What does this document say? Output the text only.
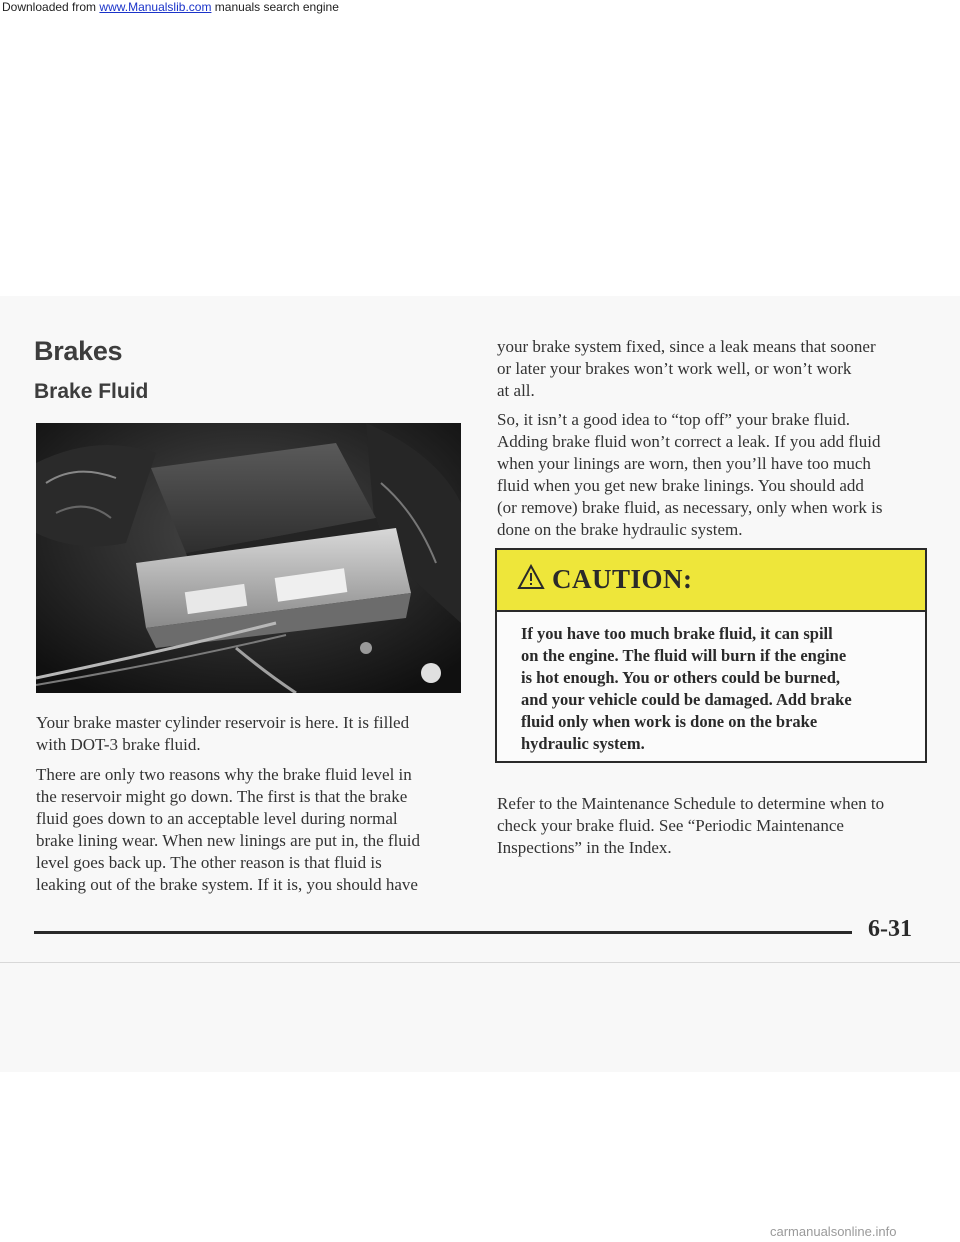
Downloaded from www.Manualslib.com manuals search engine
Brakes
Brake Fluid

Your brake master cylinder reservoir is here. It is filled
with DOT-3 brake fluid.

There are only two reasons why the brake fluid level in
the reservoir might go down. The first is that the brake
fluid goes down to an acceptable level during normal
brake lining wear. When new linings are put in, the fluid
level goes back up. The other reason is that fluid is
leaking out of the brake system. If it is, you should have

your brake system fixed, since a leak means that sooner
or later your brakes won’t work well, or won’t work
at all.

So, it isn’t a good idea to “top off” your brake fluid.
Adding brake fluid won’t correct a leak. If you add fluid
when your linings are worn, then you’ll have too much
fluid when you get new brake linings. You should add
(or remove) brake fluid, as necessary, only when work is
done on the brake hydraulic system.

CAUTION:

If you have too much brake fluid, it can spill
on the engine. The fluid will burn if the engine
is hot enough. You or others could be burned,
and your vehicle could be damaged. Add brake
fluid only when work is done on the brake
hydraulic system.

Refer to the Maintenance Schedule to determine when to
check your brake fluid. See “Periodic Maintenance
Inspections” in the Index.

6-31
carmanualsonline.info
